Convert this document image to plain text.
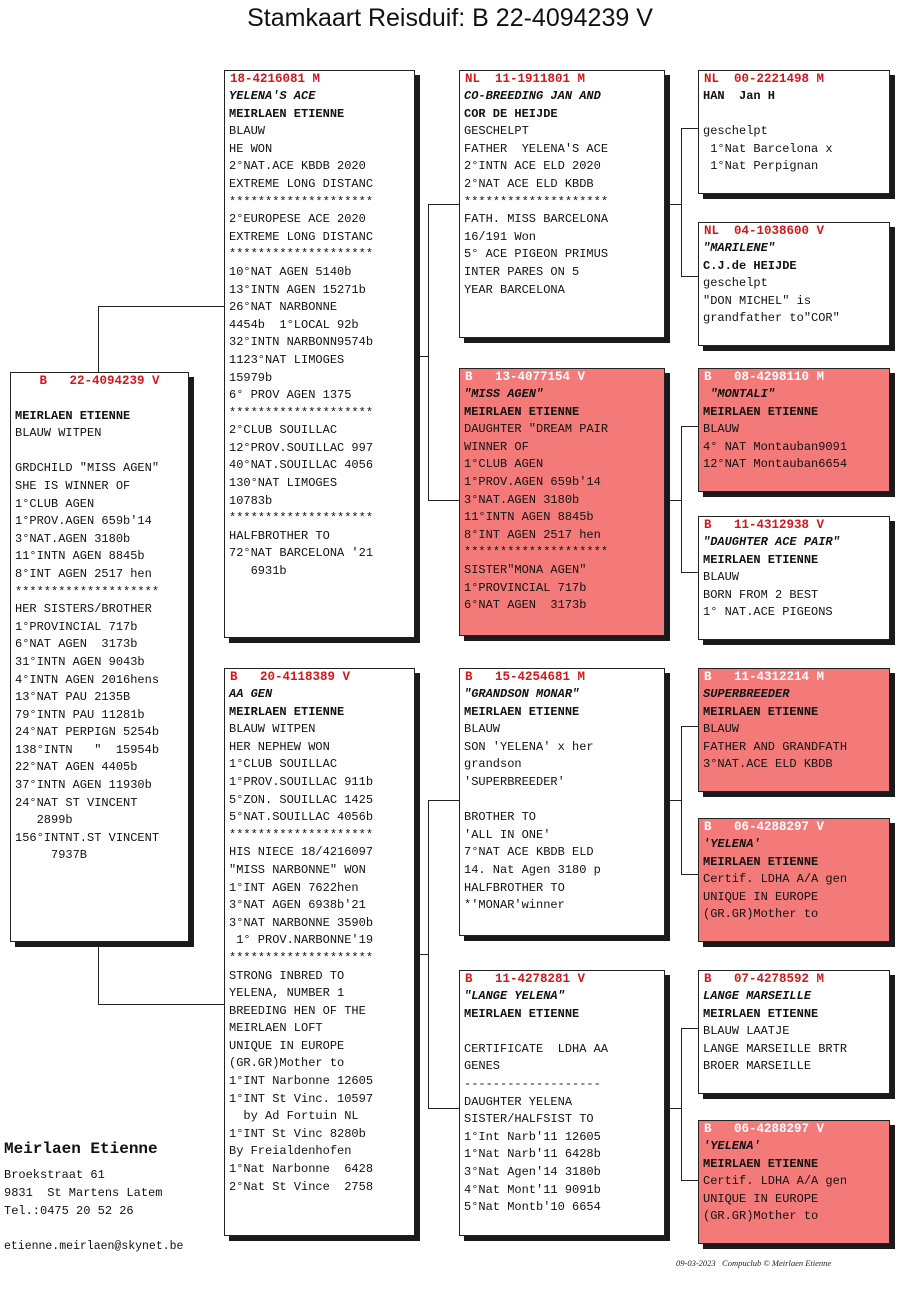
Stamkaart Reisduif: B 22-4094239 V
B   22-4094239 V
MEIRLAEN ETIENNE
BLAUW WITPEN
GRDCHILD "MISS AGEN"
SHE IS WINNER OF
1°CLUB AGEN
1°PROV.AGEN 659b'14
3°NAT.AGEN 3180b
11°INTN AGEN 8845b
8°INT AGEN 2517 hen
********************
HER SISTERS/BROTHER
1°PROVINCIAL 717b
6°NAT AGEN  3173b
31°INTN AGEN 9043b
4°INTN AGEN 2016hens
13°NAT PAU 2135B
79°INTN PAU 11281b
24°NAT PERPIGN 5254b
138°INTN   "  15954b
22°NAT AGEN 4405b
37°INTN AGEN 11930b
24°NAT ST VINCENT
2899b
156°INTNT.ST VINCENT
7937B
18-4216081 M
YELENA'S ACE
MEIRLAEN ETIENNE
BLAUW
HE WON
2°NAT.ACE KBDB 2020
EXTREME LONG DISTANC
********************
2°EUROPESE ACE 2020
EXTREME LONG DISTANC
********************
10°NAT AGEN 5140b
13°INTN AGEN 15271b
26°NAT NARBONNE
4454b  1°LOCAL 92b
32°INTN NARBONN9574b
1123°NAT LIMOGES
15979b
6° PROV AGEN 1375
********************
2°CLUB SOUILLAC
12°PROV.SOUILLAC 997
40°NAT.SOUILLAC 4056
130°NAT LIMOGES
10783b
********************
HALFBROTHER TO
72°NAT BARCELONA '21
6931b
B   20-4118389 V
AA GEN
MEIRLAEN ETIENNE
BLAUW WITPEN
HER NEPHEW WON
1°CLUB SOUILLAC
1°PROV.SOUILLAC 911b
5°ZON. SOUILLAC 1425
5°NAT.SOUILLAC 4056b
********************
HIS NIECE 18/4216097
"MISS NARBONNE" WON
1°INT AGEN 7622hen
3°NAT AGEN 6938b'21
3°NAT NARBONNE 3590b
1° PROV.NARBONNE'19
********************
STRONG INBRED TO
YELENA, NUMBER 1
BREEDING HEN OF THE
MEIRLAEN LOFT
UNIQUE IN EUROPE
(GR.GR)Mother to
1°INT Narbonne 12605
1°INT St Vinc. 10597
by Ad Fortuin NL
1°INT St Vinc 8280b
By Freialdenhofen
1°Nat Narbonne  6428
2°Nat St Vince  2758
NL  11-1911801 M
CO-BREEDING JAN AND
COR DE HEIJDE
GESCHELPT
FATHER  YELENA'S ACE
2°INTN ACE ELD 2020
2°NAT ACE ELD KBDB
********************
FATH. MISS BARCELONA
16/191 Won
5° ACE PIGEON PRIMUS
INTER PARES ON 5
YEAR BARCELONA
B   13-4077154 V
"MISS AGEN"
MEIRLAEN ETIENNE
DAUGHTER "DREAM PAIR
WINNER OF
1°CLUB AGEN
1°PROV.AGEN 659b'14
3°NAT.AGEN 3180b
11°INTN AGEN 8845b
8°INT AGEN 2517 hen
********************
SISTER"MONA AGEN"
1°PROVINCIAL 717b
6°NAT AGEN  3173b
B   15-4254681 M
"GRANDSON MONAR"
MEIRLAEN ETIENNE
BLAUW
SON 'YELENA' x her
grandson
'SUPERBREEDER'
BROTHER TO
'ALL IN ONE'
7°NAT ACE KBDB ELD
14. Nat Agen 3180 p
HALFBROTHER TO
*'MONAR'winner
B   11-4278281 V
"LANGE YELENA"
MEIRLAEN ETIENNE
CERTIFICATE  LDHA AA
GENES
-------------------
DAUGHTER YELENA
SISTER/HALFSIST TO
1°Int Narb'11 12605
1°Nat Narb'11 6428b
3°Nat Agen'14 3180b
4°Nat Mont'11 9091b
5°Nat Montb'10 6654
NL  00-2221498 M
HAN  Jan H
geschelpt
1°Nat Barcelona x
1°Nat Perpignan
NL  04-1038600 V
"MARILENE"
C.J.de HEIJDE
geschelpt
"DON MICHEL" is
grandfather to"COR"
B   08-4298110 M
"MONTALI"
MEIRLAEN ETIENNE
BLAUW
4° NAT Montauban9091
12°NAT Montauban6654
B   11-4312938 V
"DAUGHTER ACE PAIR"
MEIRLAEN ETIENNE
BLAUW
BORN FROM 2 BEST
1° NAT.ACE PIGEONS
B   11-4312214 M
SUPERBREEDER
MEIRLAEN ETIENNE
BLAUW
FATHER AND GRANDFATH
3°NAT.ACE ELD KBDB
B   06-4288297 V
'YELENA'
MEIRLAEN ETIENNE
Certif. LDHA A/A gen
UNIQUE IN EUROPE
(GR.GR)Mother to
B   07-4278592 M
LANGE MARSEILLE
MEIRLAEN ETIENNE
BLAUW LAATJE
LANGE MARSEILLE BRTR
BROER MARSEILLE
B   06-4288297 V
'YELENA'
MEIRLAEN ETIENNE
Certif. LDHA A/A gen
UNIQUE IN EUROPE
(GR.GR)Mother to
Meirlaen Etienne
Broekstraat 61
9831  St Martens Latem
Tel.:0475 20 52 26
etienne.meirlaen@skynet.be
09-03-2023   Compuclub © Meirlaen Etienne
